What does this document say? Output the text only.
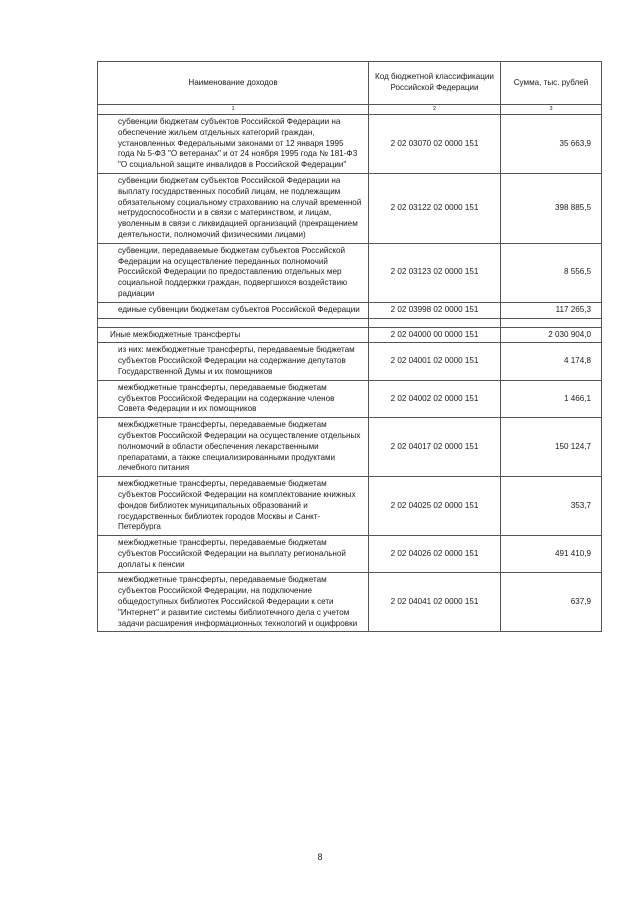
Наименование доходов	Код бюджетной классификации Российской Федерации	Сумма, тыс. рублей
1	2	3
субвенции бюджетам субъектов Российской Федерации на обеспечение жильем отдельных категорий граждан, установленных Федеральными законами от 12 января 1995 года № 5-ФЗ "О ветеранах" и от 24 ноября 1995 года № 181-ФЗ "О социальной защите инвалидов в Российской Федерации"	2 02 03070 02 0000 151	35 663,9
субвенции бюджетам субъектов Российской Федерации на выплату государственных пособий лицам, не подлежащим обязательному социальному страхованию на случай временной нетрудоспособности и в связи с материнством, и лицам, уволенным в связи с ликвидацией организаций (прекращением деятельности, полномочий физическими лицами)	2 02 03122 02 0000 151	398 885,5
субвенции, передаваемые бюджетам субъектов Российской Федерации на осуществление переданных полномочий Российской Федерации по предоставлению отдельных мер социальной поддержки граждан, подвергшихся воздействию радиации	2 02 03123 02 0000 151	8 556,5
единые субвенции бюджетам субъектов Российской Федерации	2 02 03998 02 0000 151	117 265,3

Иные межбюджетные трансферты	2 02 04000 00 0000 151	2 030 904,0
из них: межбюджетные трансферты, передаваемые бюджетам субъектов Российской Федерации на содержание депутатов Государственной Думы и их помощников	2 02 04001 02 0000 151	4 174,8
межбюджетные трансферты, передаваемые бюджетам субъектов Российской Федерации на содержание членов Совета Федерации и их помощников	2 02 04002 02 0000 151	1 466,1
межбюджетные трансферты, передаваемые бюджетам субъектов Российской Федерации на осуществление отдельных полномочий в области обеспечения лекарственными препаратами, а также специализированными продуктами лечебного питания	2 02 04017 02 0000 151	150 124,7
межбюджетные трансферты, передаваемые бюджетам субъектов Российской Федерации на комплектование книжных фондов библиотек муниципальных образований и государственных библиотек городов Москвы и Санкт-Петербурга	2 02 04025 02 0000 151	353,7
межбюджетные трансферты, передаваемые бюджетам субъектов Российской Федерации на выплату региональной доплаты к пенсии	2 02 04026 02 0000 151	491 410,9
межбюджетные трансферты, передаваемые бюджетам субъектов Российской Федерации, на подключение общедоступных библиотек Российской Федерации к сети "Интернет" и развитие системы библиотечного дела с учетом задачи расширения информационных технологий и оцифровки	2 02 04041 02 0000 151	637,9
8
